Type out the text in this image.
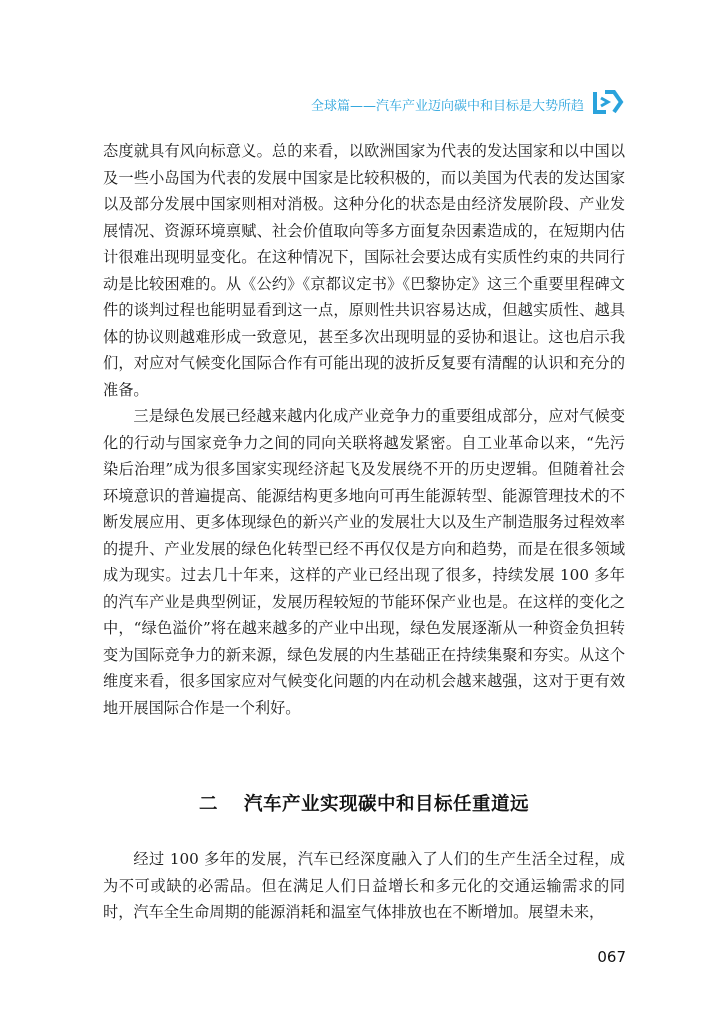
全球篇——汽车产业迈向碳中和目标是大势所趋

态度就具有风向标意义。总的来看，以欧洲国家为代表的发达国家和以中国以及一些小岛国为代表的发展中国家是比较积极的，而以美国为代表的发达国家以及部分发展中国家则相对消极。这种分化的状态是由经济发展阶段、产业发展情况、资源环境禀赋、社会价值取向等多方面复杂因素造成的，在短期内估计很难出现明显变化。在这种情况下，国际社会要达成有实质性约束的共同行动是比较困难的。从《公约》《京都议定书》《巴黎协定》这三个重要里程碑文件的谈判过程也能明显看到这一点，原则性共识容易达成，但越实质性、越具体的协议则越难形成一致意见，甚至多次出现明显的妥协和退让。这也启示我们，对应对气候变化国际合作有可能出现的波折反复要有清醒的认识和充分的准备。

三是绿色发展已经越来越内化成产业竞争力的重要组成部分，应对气候变化的行动与国家竞争力之间的同向关联将越发紧密。自工业革命以来，“先污染后治理”成为很多国家实现经济起飞及发展绕不开的历史逻辑。但随着社会环境意识的普遍提高、能源结构更多地向可再生能源转型、能源管理技术的不断发展应用、更多体现绿色的新兴产业的发展壮大以及生产制造服务过程效率的提升、产业发展的绿色化转型已经不再仅仅是方向和趋势，而是在很多领域成为现实。过去几十年来，这样的产业已经出现了很多，持续发展 100 多年的汽车产业是典型例证，发展历程较短的节能环保产业也是。在这样的变化之中，“绿色溢价”将在越来越多的产业中出现，绿色发展逐渐从一种资金负担转变为国际竞争力的新来源，绿色发展的内生基础正在持续集聚和夯实。从这个维度来看，很多国家应对气候变化问题的内在动机会越来越强，这对于更有效地开展国际合作是一个利好。

二 汽车产业实现碳中和目标任重道远

经过 100 多年的发展，汽车已经深度融入了人们的生产生活全过程，成为不可或缺的必需品。但在满足人们日益增长和多元化的交通运输需求的同时，汽车全生命周期的能源消耗和温室气体排放也在不断增加。展望未来，

067
